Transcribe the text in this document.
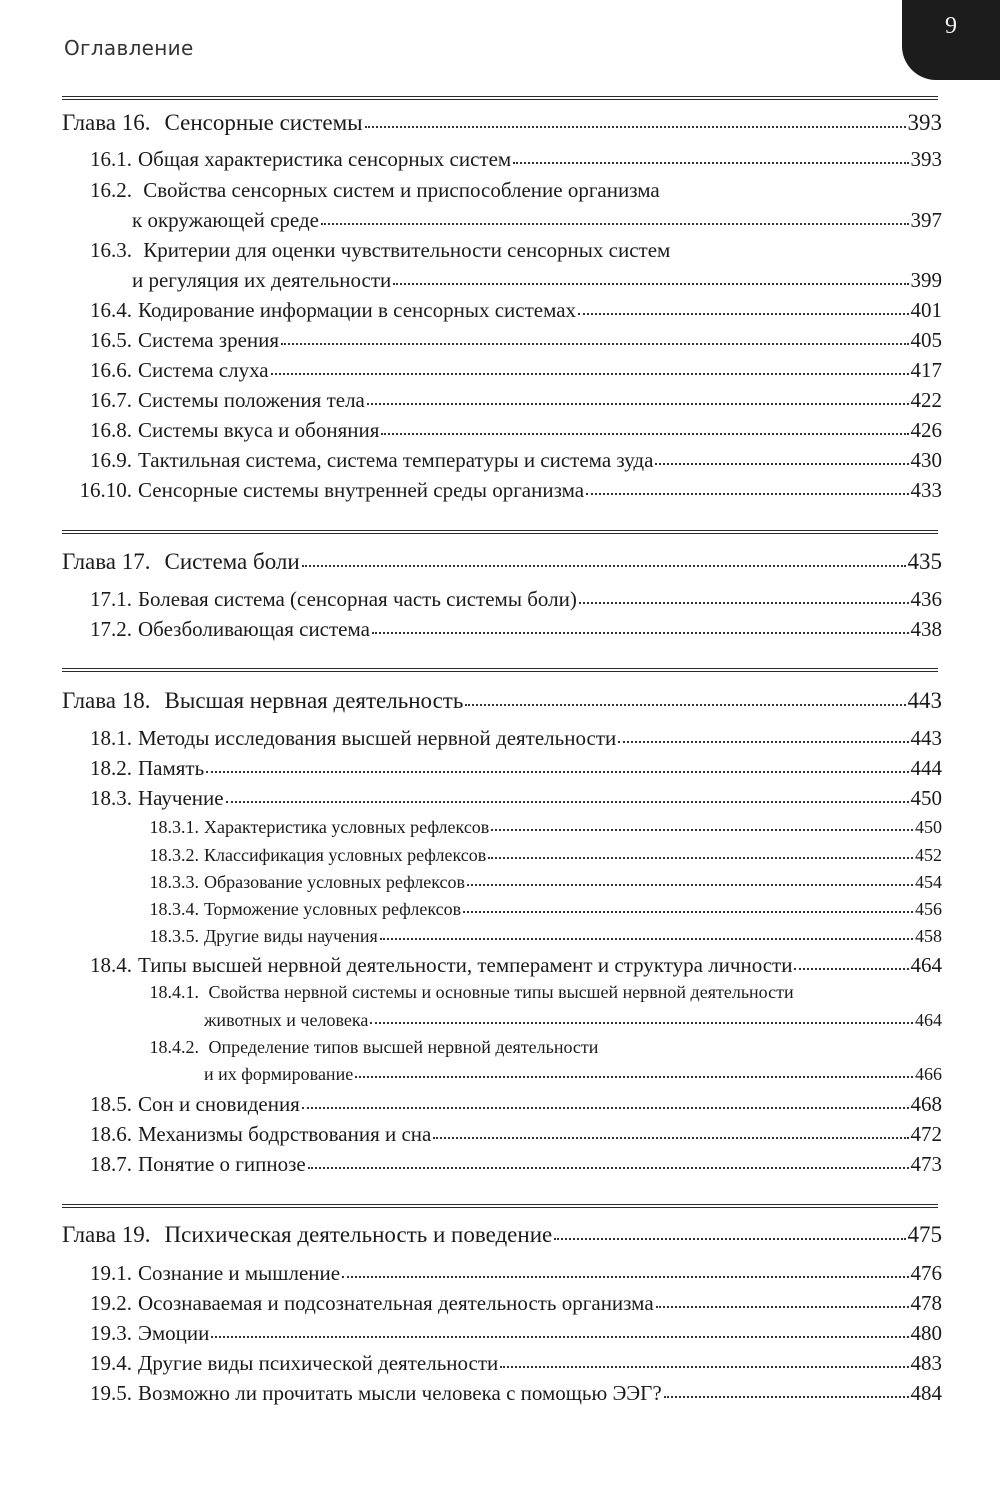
9
Оглавление
Глава 16. Сенсорные системы	393
16.1. Общая характеристика сенсорных систем	393
16.2. Свойства сенсорных систем и приспособление организма
к окружающей среде	397
16.3. Критерии для оценки чувствительности сенсорных систем
и регуляция их деятельности	399
16.4. Кодирование информации в сенсорных системах	401
16.5. Система зрения	405
16.6. Система слуха	417
16.7. Системы положения тела	422
16.8. Системы вкуса и обоняния	426
16.9. Тактильная система, система температуры и система зуда	430
16.10. Сенсорные системы внутренней среды организма	433
Глава 17. Система боли	435
17.1. Болевая система (сенсорная часть системы боли)	436
17.2. Обезболивающая система	438
Глава 18. Высшая нервная деятельность	443
18.1. Методы исследования высшей нервной деятельности	443
18.2. Память	444
18.3. Научение	450
18.3.1. Характеристика условных рефлексов	450
18.3.2. Классификация условных рефлексов	452
18.3.3. Образование условных рефлексов	454
18.3.4. Торможение условных рефлексов	456
18.3.5. Другие виды научения	458
18.4. Типы высшей нервной деятельности, темперамент и структура личности	464
18.4.1. Свойства нервной системы и основные типы высшей нервной деятельности
животных и человека	464
18.4.2. Определение типов высшей нервной деятельности
и их формирование	466
18.5. Сон и сновидения	468
18.6. Механизмы бодрствования и сна	472
18.7. Понятие о гипнозе	473
Глава 19. Психическая деятельность и поведение	475
19.1. Сознание и мышление	476
19.2. Осознаваемая и подсознательная деятельность организма	478
19.3. Эмоции	480
19.4. Другие виды психической деятельности	483
19.5. Возможно ли прочитать мысли человека с помощью ЭЭГ?	484
